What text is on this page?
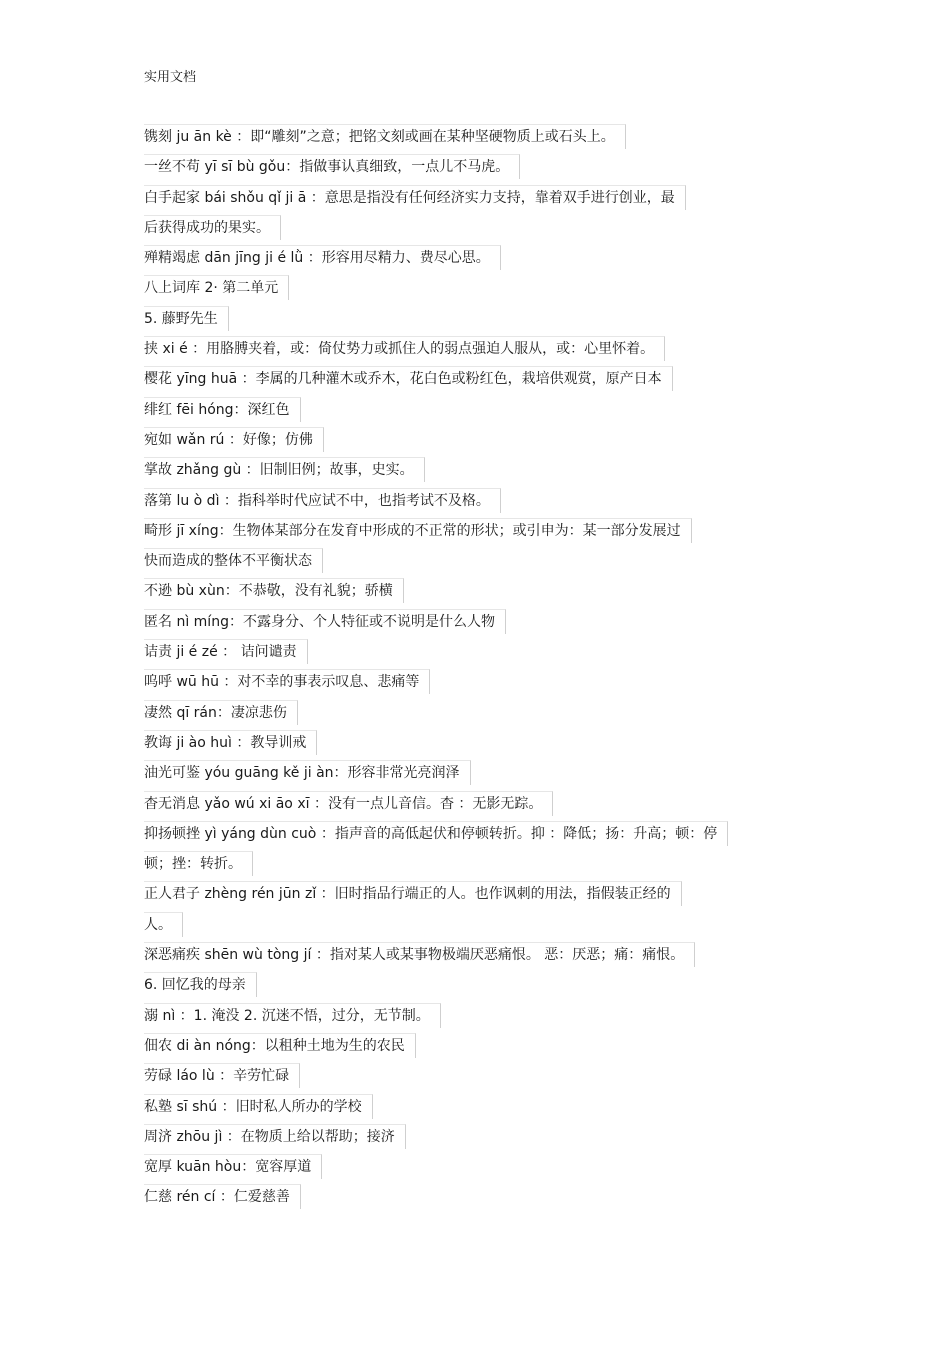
实用文档
镌刻 ju ān kè ：即“雕刻”之意；把铭文刻或画在某种坚硬物质上或石头上。
一丝不苟 yī sī bù gǒu：指做事认真细致，一点儿不马虎。
白手起家 bái shǒu qǐ ji ā ：意思是指没有任何经济实力支持，靠着双手进行创业，最
后获得成功的果实。
殚精竭虑 dān jīng ji é lǜ ：形容用尽精力、费尽心思。
八上词库 2· 第二单元
5. 藤野先生
挟 xi é ：用胳膊夹着，或：倚仗势力或抓住人的弱点强迫人服从，或：心里怀着。
樱花 yīng huā ：李属的几种灌木或乔木，花白色或粉红色，栽培供观赏，原产日本
绯红 fēi hóng：深红色
宛如 wǎn rú ：好像；仿佛
掌故 zhǎng gù ：旧制旧例；故事，史实。
落第 lu ò dì ：指科举时代应试不中，也指考试不及格。
畸形 jī xíng：生物体某部分在发育中形成的不正常的形状；或引申为：某一部分发展过
快而造成的整体不平衡状态
不逊 bù xùn：不恭敬，没有礼貌；骄横
匿名 nì míng：不露身分、个人特征或不说明是什么人物
诘责 ji é zé ： 诘问谴责
呜呼 wū hū ：对不幸的事表示叹息、悲痛等
凄然 qī rán：凄凉悲伤
教诲 ji ào huì ：教导训戒
油光可鉴 yóu guāng kě ji àn：形容非常光亮润泽
杳无消息 yǎo wú xi āo xī ：没有一点儿音信。杳 ：无影无踪。
抑扬顿挫 yì yáng dùn cuò ：指声音的高低起伏和停顿转折。抑 ：降低；扬：升高；顿：停
顿；挫：转折。
正人君子 zhèng rén jūn zǐ ：旧时指品行端正的人。也作讽刺的用法，指假装正经的
人。
深恶痛疾 shēn wù tòng jí ：指对某人或某事物极端厌恶痛恨。 恶：厌恶；痛：痛恨。
6. 回忆我的母亲
溺 nì ：1. 淹没 2. 沉迷不悟，过分，无节制。
佃农 di àn nóng：以租种土地为生的农民
劳碌 láo lù ：辛劳忙碌
私塾 sī shú ：旧时私人所办的学校
周济 zhōu jì ：在物质上给以帮助；接济
宽厚 kuān hòu：宽容厚道
仁慈 rén cí ：仁爱慈善
